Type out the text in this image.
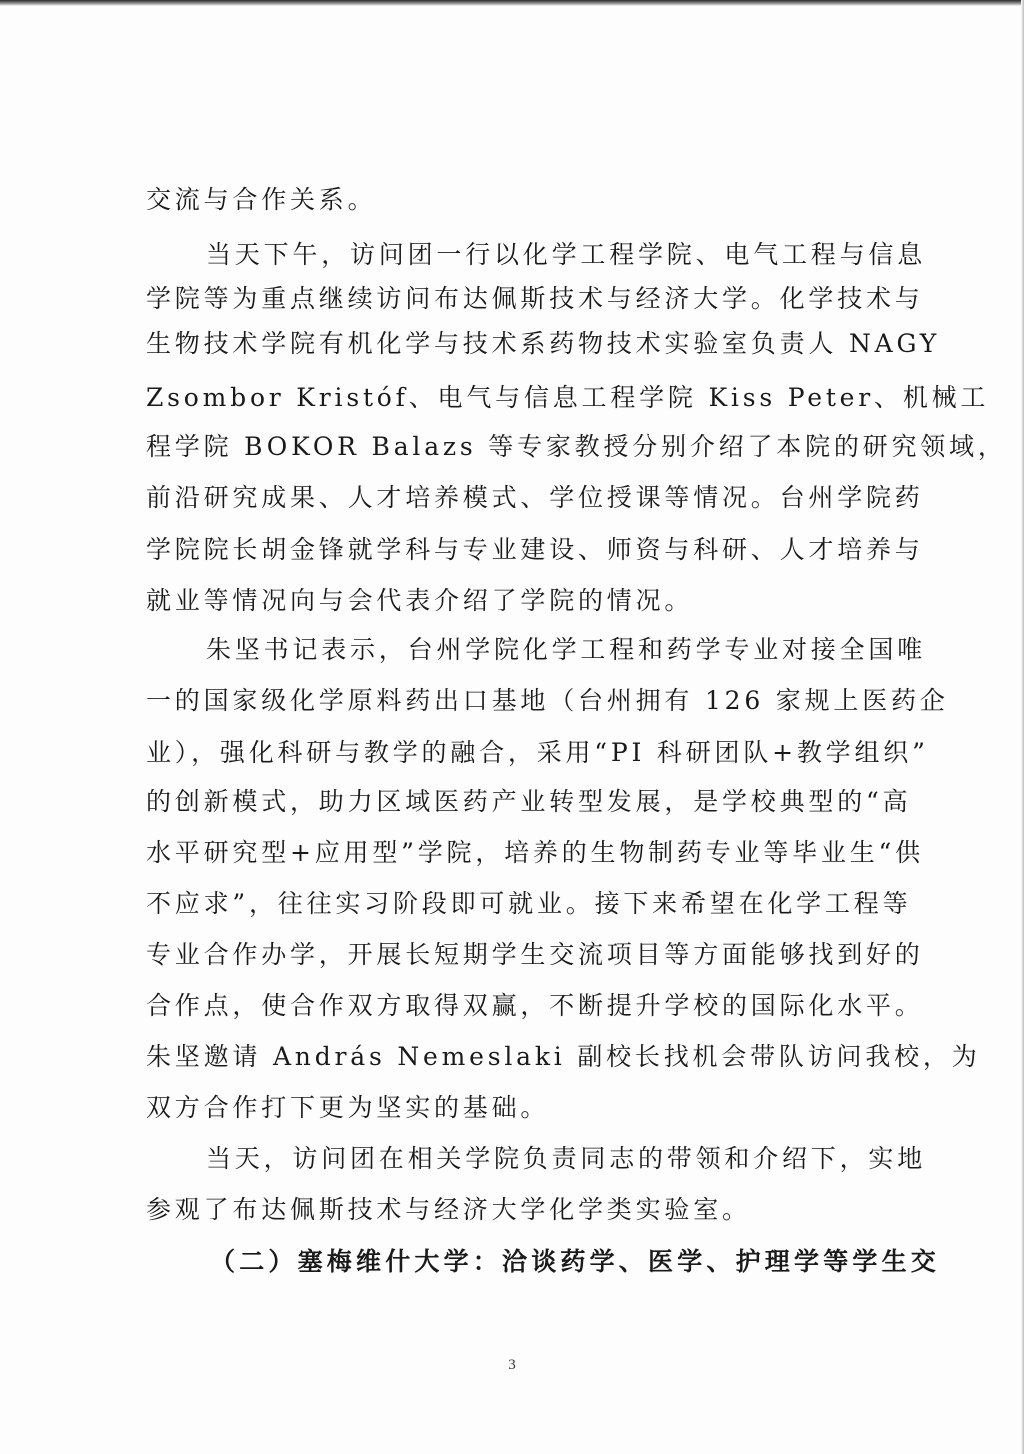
交流与合作关系。

当天下午，访问团一行以化学工程学院、电气工程与信息

学院等为重点继续访问布达佩斯技术与经济大学。化学技术与

生物技术学院有机化学与技术系药物技术实验室负责人 NAGY

Zsombor Kristóf、电气与信息工程学院 Kiss Peter、机械工

程学院 BOKOR Balazs 等专家教授分别介绍了本院的研究领域，

前沿研究成果、人才培养模式、学位授课等情况。台州学院药

学院院长胡金锋就学科与专业建设、师资与科研、人才培养与

就业等情况向与会代表介绍了学院的情况。

朱坚书记表示，台州学院化学工程和药学专业对接全国唯

一的国家级化学原料药出口基地（台州拥有 126 家规上医药企

业），强化科研与教学的融合，采用“PI 科研团队+教学组织”

的创新模式，助力区域医药产业转型发展，是学校典型的“高

水平研究型+应用型”学院，培养的生物制药专业等毕业生“供

不应求”，往往实习阶段即可就业。接下来希望在化学工程等

专业合作办学，开展长短期学生交流项目等方面能够找到好的

合作点，使合作双方取得双赢，不断提升学校的国际化水平。

朱坚邀请 András Nemeslaki 副校长找机会带队访问我校，为

双方合作打下更为坚实的基础。

当天，访问团在相关学院负责同志的带领和介绍下，实地

参观了布达佩斯技术与经济大学化学类实验室。

（二）塞梅维什大学：洽谈药学、医学、护理学等学生交

3
